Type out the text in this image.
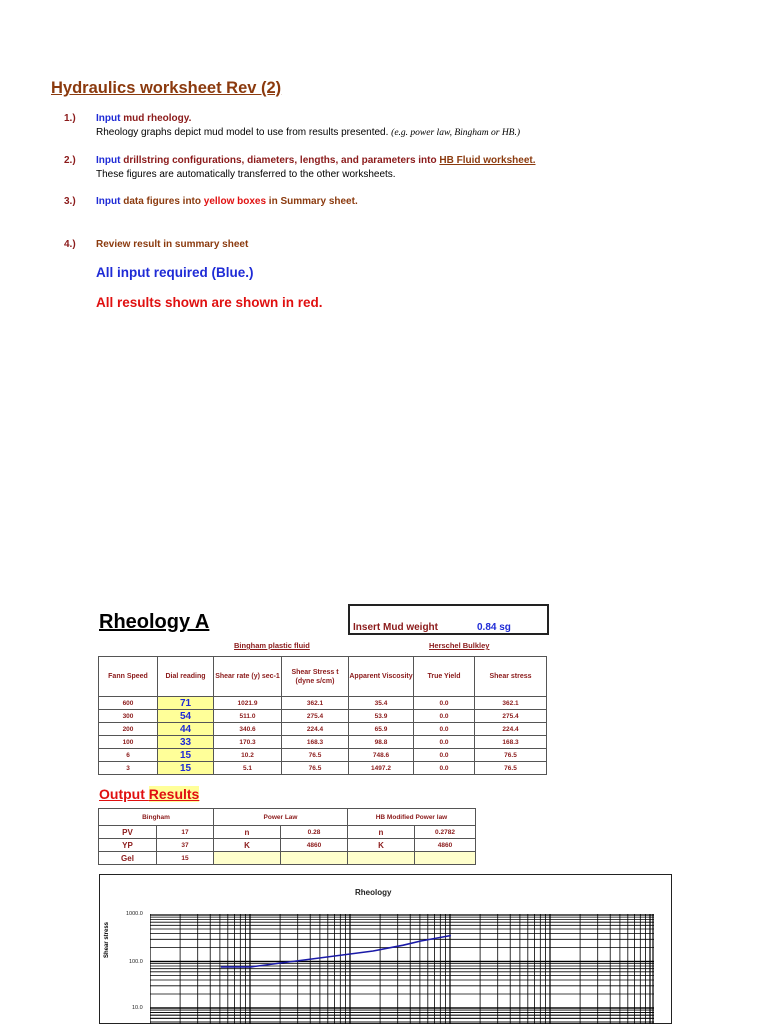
Hydraulics worksheet Rev (2)
1.) Input mud rheology.
Rheology graphs depict mud model to use from results presented. (e.g. power law, Bingham or HB.)
2.) Input drillstring configurations, diameters, lengths, and parameters into HB Fluid worksheet.
These figures are automatically transferred to the other worksheets.
3.) Input data figures into yellow boxes in Summary sheet.
4.) Review result in summary sheet
All input required (Blue.)
All results shown are shown in red.
Rheology A	Insert Mud weight	0.84 sg
Bingham plastic fluid	Herschel Bulkley
Fann Speed	Dial reading	Shear rate (y) sec-1	Shear Stress t (dyne s/cm)	Apparent Viscosity	True Yield	Shear stress
600	71	1021.9	362.1	35.4	0.0	362.1
300	54	511.0	275.4	53.9	0.0	275.4
200	44	340.6	224.4	65.9	0.0	224.4
100	33	170.3	168.3	98.8	0.0	168.3
6	15	10.2	76.5	748.6	0.0	76.5
3	15	5.1	76.5	1497.2	0.0	76.5
Output Results
Bingham		Power Law		HB Modified Power law	
PV	17	n	0.28	n	0.2782
YP	37	K	4860	K	4860
Gel	15				
Rheology
Shear stress
1000.0
100.0
10.0
